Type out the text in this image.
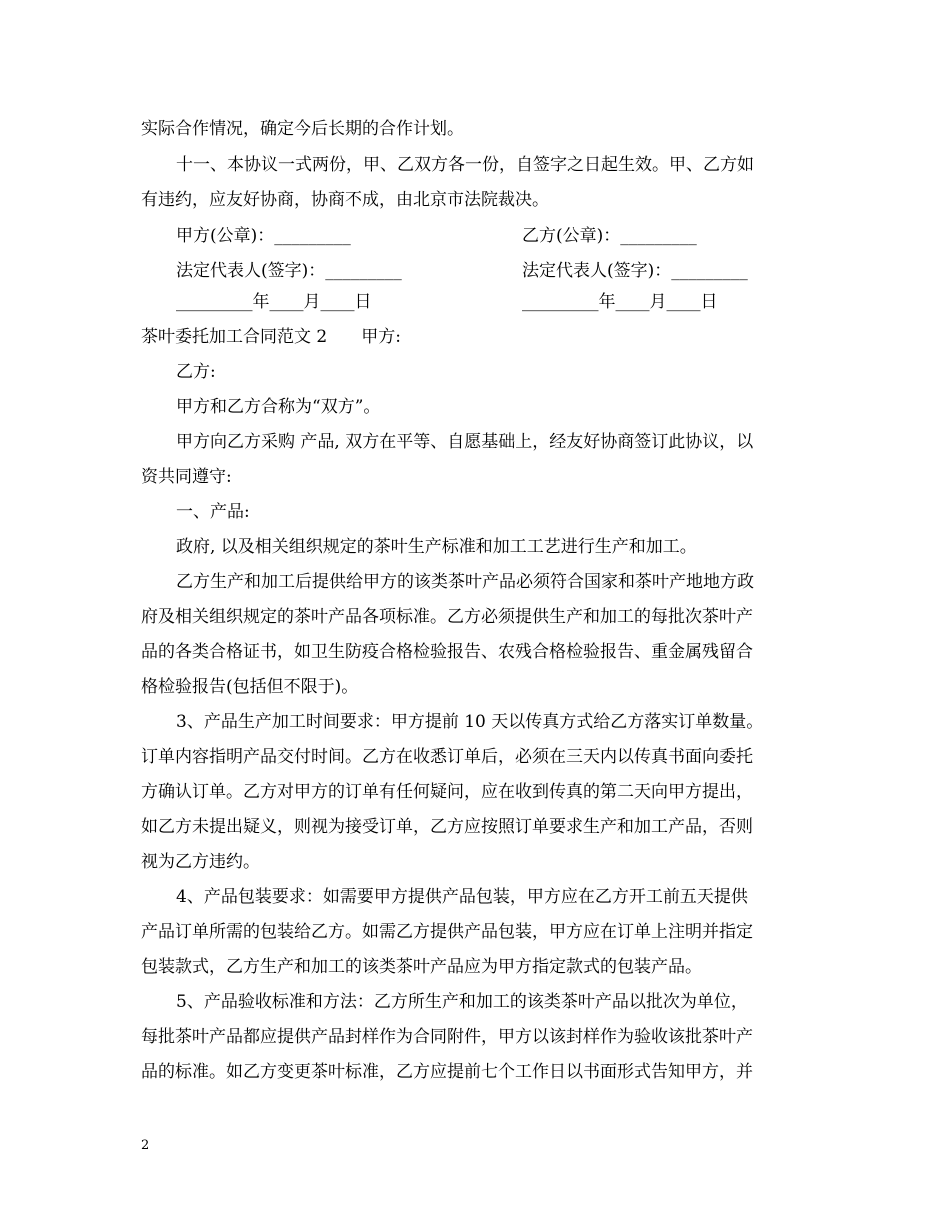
实际合作情况，确定今后长期的合作计划。
十一、本协议一式两份，甲、乙双方各一份，自签字之日起生效。甲、乙方如
有违约，应友好协商，协商不成，由北京市法院裁决。
甲方(公章)：_________	乙方(公章)：_________
法定代表人(签字)：_________	法定代表人(签字)：_________
_________年____月____日	_________年____月____日
茶叶委托加工合同范文 2　　甲方:
乙方:
甲方和乙方合称为“双方”。
甲方向乙方采购 产品, 双方在平等、自愿基础上，经友好协商签订此协议，以
资共同遵守:
一、产品:
政府, 以及相关组织规定的茶叶生产标准和加工工艺进行生产和加工。
乙方生产和加工后提供给甲方的该类茶叶产品必须符合国家和茶叶产地地方政
府及相关组织规定的茶叶产品各项标准。乙方必须提供生产和加工的每批次茶叶产
品的各类合格证书，如卫生防疫合格检验报告、农残合格检验报告、重金属残留合
格检验报告(包括但不限于)。
3、产品生产加工时间要求：甲方提前 10 天以传真方式给乙方落实订单数量。
订单内容指明产品交付时间。乙方在收悉订单后，必须在三天内以传真书面向委托
方确认订单。乙方对甲方的订单有任何疑问，应在收到传真的第二天向甲方提出，
如乙方未提出疑义，则视为接受订单，乙方应按照订单要求生产和加工产品，否则
视为乙方违约。
4、产品包装要求：如需要甲方提供产品包装，甲方应在乙方开工前五天提供
产品订单所需的包装给乙方。如需乙方提供产品包装，甲方应在订单上注明并指定
包装款式，乙方生产和加工的该类茶叶产品应为甲方指定款式的包装产品。
5、产品验收标准和方法：乙方所生产和加工的该类茶叶产品以批次为单位，
每批茶叶产品都应提供产品封样作为合同附件，甲方以该封样作为验收该批茶叶产
品的标准。如乙方变更茶叶标准，乙方应提前七个工作日以书面形式告知甲方，并
2
